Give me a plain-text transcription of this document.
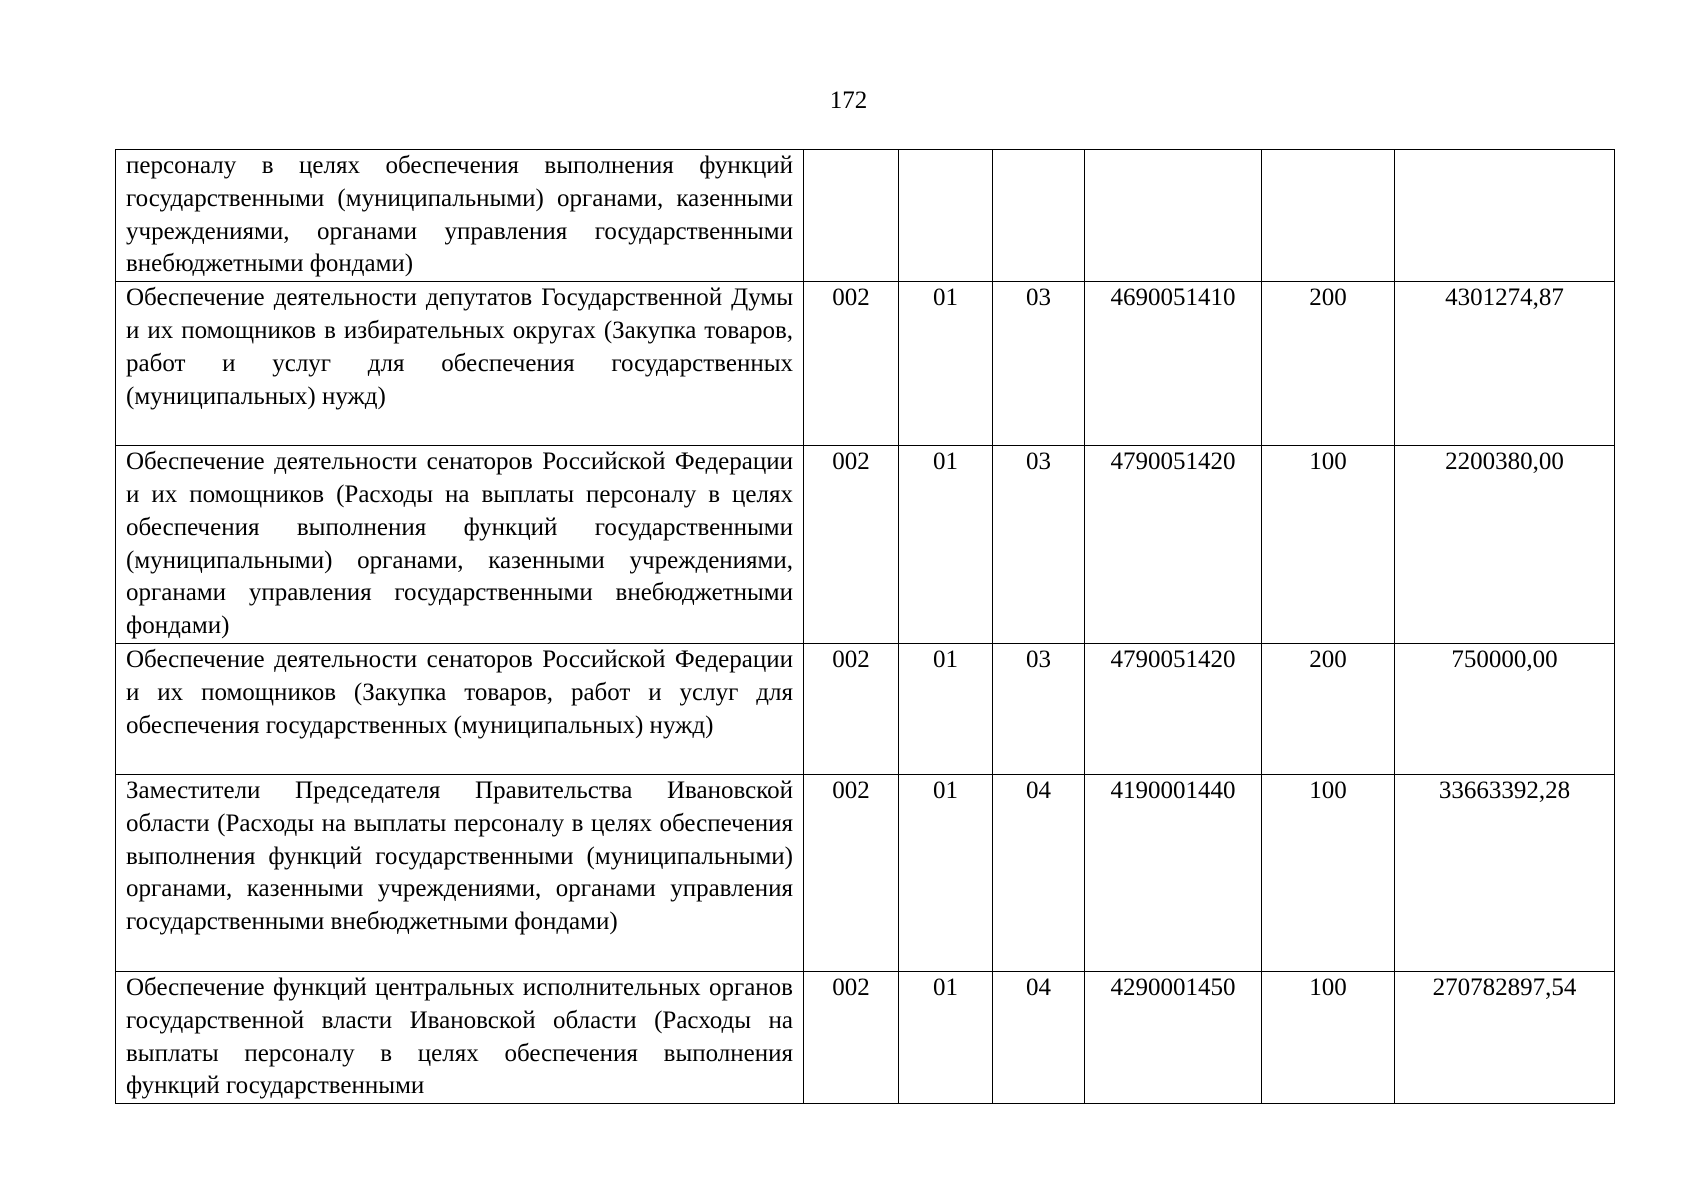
172
персоналу в целях обеспечения выполнения функций государственными (муниципальными) органами, казенными учреждениями, органами управления государственными внебюджетными фондами)						
Обеспечение деятельности депутатов Государственной Думы и их помощников в избирательных округах (Закупка товаров, работ и услуг для обеспечения государственных (муниципальных) нужд)	002	01	03	4690051410	200	4301274,87
Обеспечение деятельности сенаторов Российской Федерации и их помощников (Расходы на выплаты персоналу в целях обеспечения выполнения функций государственными (муниципальными) органами, казенными учреждениями, органами управления государственными внебюджетными фондами)	002	01	03	4790051420	100	2200380,00
Обеспечение деятельности сенаторов Российской Федерации и их помощников (Закупка товаров, работ и услуг для обеспечения государственных (муниципальных) нужд)	002	01	03	4790051420	200	750000,00
Заместители Председателя Правительства Ивановской области (Расходы на выплаты персоналу в целях обеспечения выполнения функций государственными (муниципальными) органами, казенными учреждениями, органами управления государственными внебюджетными фондами)	002	01	04	4190001440	100	33663392,28
Обеспечение функций центральных исполнительных органов государственной власти Ивановской области (Расходы на выплаты персоналу в целях обеспечения выполнения функций государственными	002	01	04	4290001450	100	270782897,54
